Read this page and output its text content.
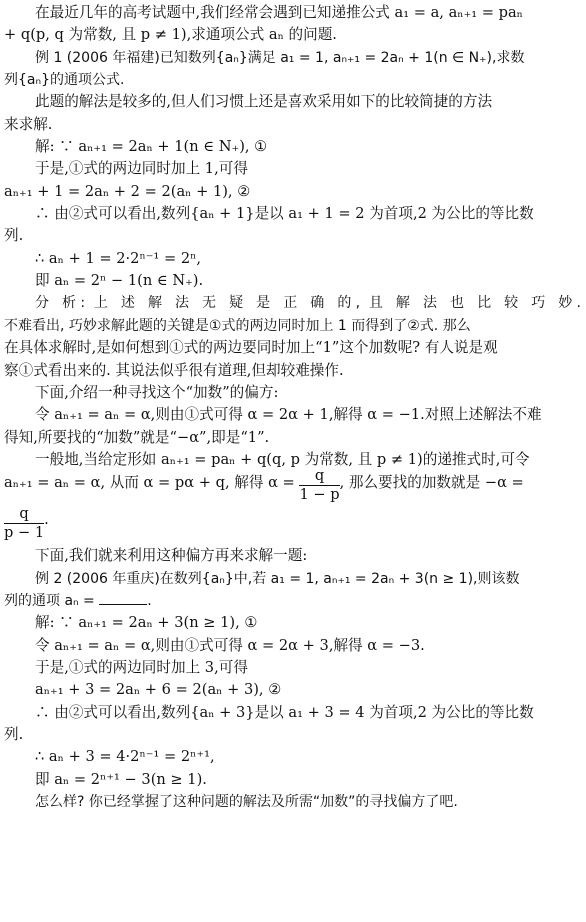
在最近几年的高考试题中,我们经常会遇到已知递推公式 a₁ = a, aₙ₊₁ = paₙ
+ q(p, q 为常数, 且 p ≠ 1),求通项公式 aₙ 的问题.
例 1 (2006 年福建)已知数列{aₙ}满足 a₁ = 1, aₙ₊₁ = 2aₙ + 1(n ∈ N₊),求数
列{aₙ}的通项公式.
此题的解法是较多的,但人们习惯上还是喜欢采用如下的比较简捷的方法
来求解.
解: ∵ aₙ₊₁ = 2aₙ + 1(n ∈ N₊), ①
于是,①式的两边同时加上 1,可得
aₙ₊₁ + 1 = 2aₙ + 2 = 2(aₙ + 1), ②
∴ 由②式可以看出,数列{aₙ + 1}是以 a₁ + 1 = 2 为首项,2 为公比的等比数
列.
∴ aₙ + 1 = 2·2ⁿ⁻¹ = 2ⁿ,
即 aₙ = 2ⁿ − 1(n ∈ N₊).
分 析: 上 述 解 法 无 疑 是 正 确 的, 且 解 法 也 比 较 巧 妙.
不难看出, 巧妙求解此题的关键是①式的两边同时加上 1 而得到了②式. 那么
在具体求解时,是如何想到①式的两边要同时加上“1”这个加数呢? 有人说是观
察①式看出来的. 其说法似乎很有道理,但却较难操作.
下面,介绍一种寻找这个“加数”的偏方:
令 aₙ₊₁ = aₙ = α,则由①式可得 α = 2α + 1,解得 α = −1.对照上述解法不难
得知,所要找的“加数”就是“−α”,即是“1”.
一般地,当给定形如 aₙ₊₁ = paₙ + q(q, p 为常数, 且 p ≠ 1)的递推式时,可令
aₙ₊₁ = aₙ = α, 从而 α = pα + q, 解得 $\alpha = \frac{q}{1 - p}$ , 那么要找的加数就是 −α =
$\frac{q}{p - 1}$ .
下面,我们就来利用这种偏方再来求解一题:
例 2 (2006 年重庆)在数列{aₙ}中,若 a₁ = 1, aₙ₊₁ = 2aₙ + 3(n ≥ 1),则该数
列的通项 aₙ =	.
解: ∵ aₙ₊₁ = 2aₙ + 3(n ≥ 1), ①
令 aₙ₊₁ = aₙ = α,则由①式可得 α = 2α + 3,解得 α = −3.
于是,①式的两边同时加上 3,可得
aₙ₊₁ + 3 = 2aₙ + 6 = 2(aₙ + 3), ②
∴ 由②式可以看出,数列{aₙ + 3}是以 a₁ + 3 = 4 为首项,2 为公比的等比数
列.
∴ aₙ + 3 = 4·2ⁿ⁻¹ = 2ⁿ⁺¹,
即 aₙ = 2ⁿ⁺¹ − 3(n ≥ 1).
怎么样? 你已经掌握了这种问题的解法及所需“加数”的寻找偏方了吧.
